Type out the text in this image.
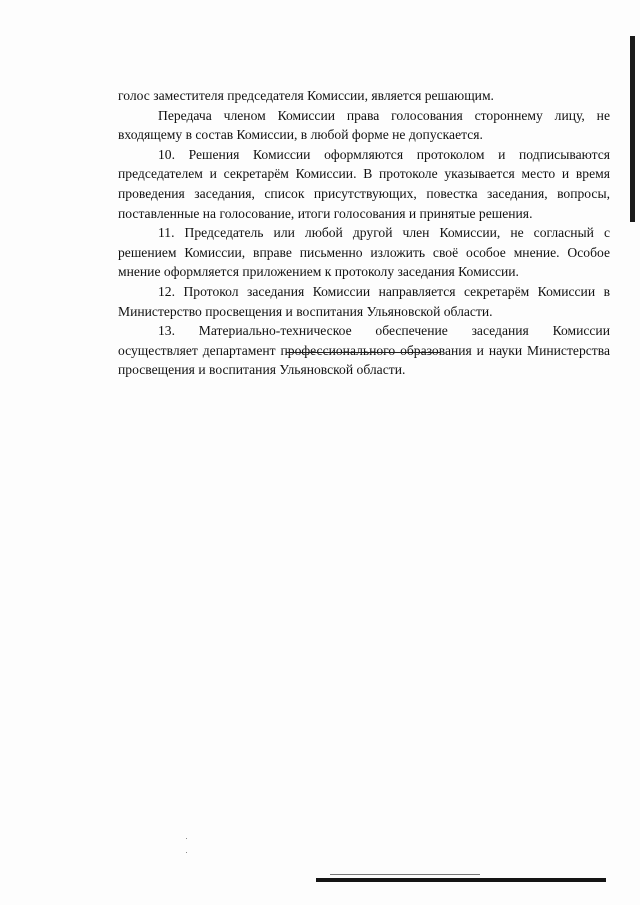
голос заместителя председателя Комиссии, является решающим.

Передача членом Комиссии права голосования стороннему лицу, не входящему в состав Комиссии, в любой форме не допускается.

10. Решения Комиссии оформляются протоколом и подписываются председателем и секретарём Комиссии. В протоколе указывается место и время проведения заседания, список присутствующих, повестка заседания, вопросы, поставленные на голосование, итоги голосования и принятые решения.

11. Председатель или любой другой член Комиссии, не согласный с решением Комиссии, вправе письменно изложить своё особое мнение. Особое мнение оформляется приложением к протоколу заседания Комиссии.

12. Протокол заседания Комиссии направляется секретарём Комиссии в Министерство просвещения и воспитания Ульяновской области.

13. Материально-техническое обеспечение заседания Комиссии осуществляет департамент профессионального образования и науки Министерства просвещения и воспитания Ульяновской области.
